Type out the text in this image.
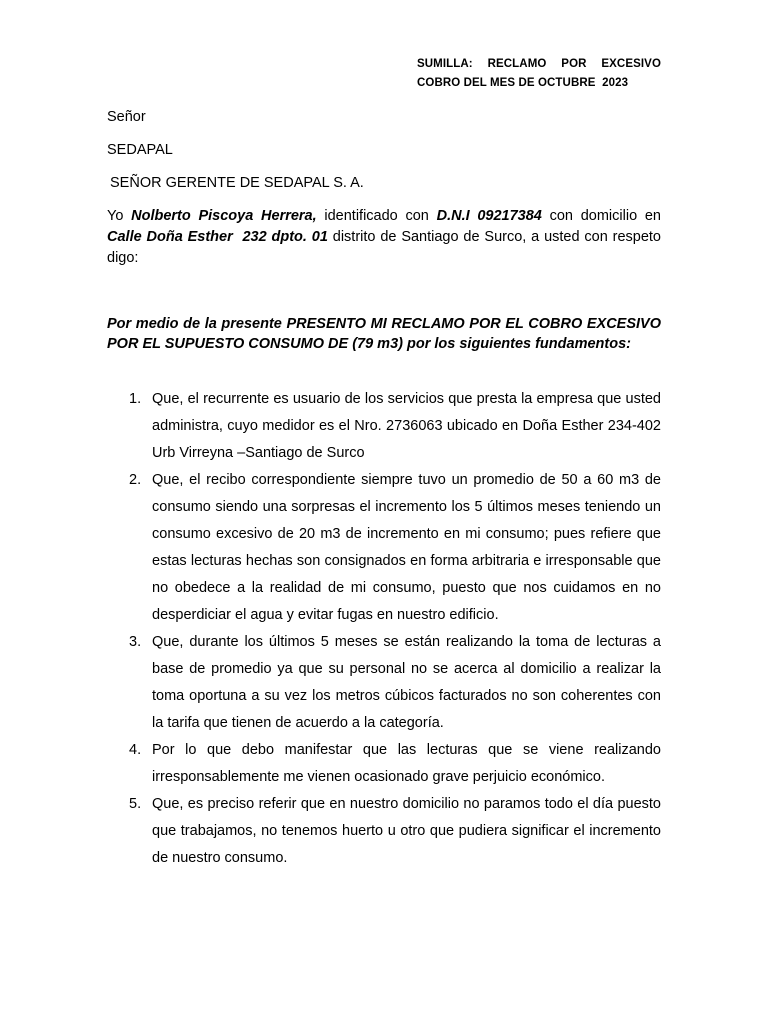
SUMILLA: RECLAMO POR EXCESIVO
COBRO DEL MES DE OCTUBRE  2023
Señor
SEDAPAL
SEÑOR GERENTE DE SEDAPAL S. A.
Yo Nolberto Piscoya Herrera, identificado con D.N.I 09217384 con domicilio en Calle Doña Esther  232 dpto. 01 distrito de Santiago de Surco, a usted con respeto digo:
Por medio de la presente PRESENTO MI RECLAMO POR EL COBRO EXCESIVO POR EL SUPUESTO CONSUMO DE (79 m3) por los siguientes fundamentos:
1. Que, el recurrente es usuario de los servicios que presta la empresa que usted administra, cuyo medidor es el Nro. 2736063 ubicado en Doña Esther 234-402 Urb Virreyna –Santiago de Surco
2. Que, el recibo correspondiente siempre tuvo un promedio de 50 a 60 m3 de consumo siendo una sorpresas el incremento los 5 últimos meses teniendo un consumo excesivo de 20 m3 de incremento en mi consumo; pues refiere que estas lecturas hechas son consignados en forma arbitraria e irresponsable que no obedece a la realidad de mi consumo, puesto que nos cuidamos en no desperdiciar el agua y evitar fugas en nuestro edificio.
3. Que, durante los últimos 5 meses se están realizando la toma de lecturas a base de promedio ya que su personal no se acerca al domicilio a realizar la toma oportuna a su vez los metros cúbicos facturados no son coherentes con la tarifa que tienen de acuerdo a la categoría.
4. Por lo que debo manifestar que las lecturas que se viene realizando irresponsablemente me vienen ocasionado grave perjuicio económico.
5. Que, es preciso referir que en nuestro domicilio no paramos todo el día puesto que trabajamos, no tenemos huerto u otro que pudiera significar el incremento de nuestro consumo.
